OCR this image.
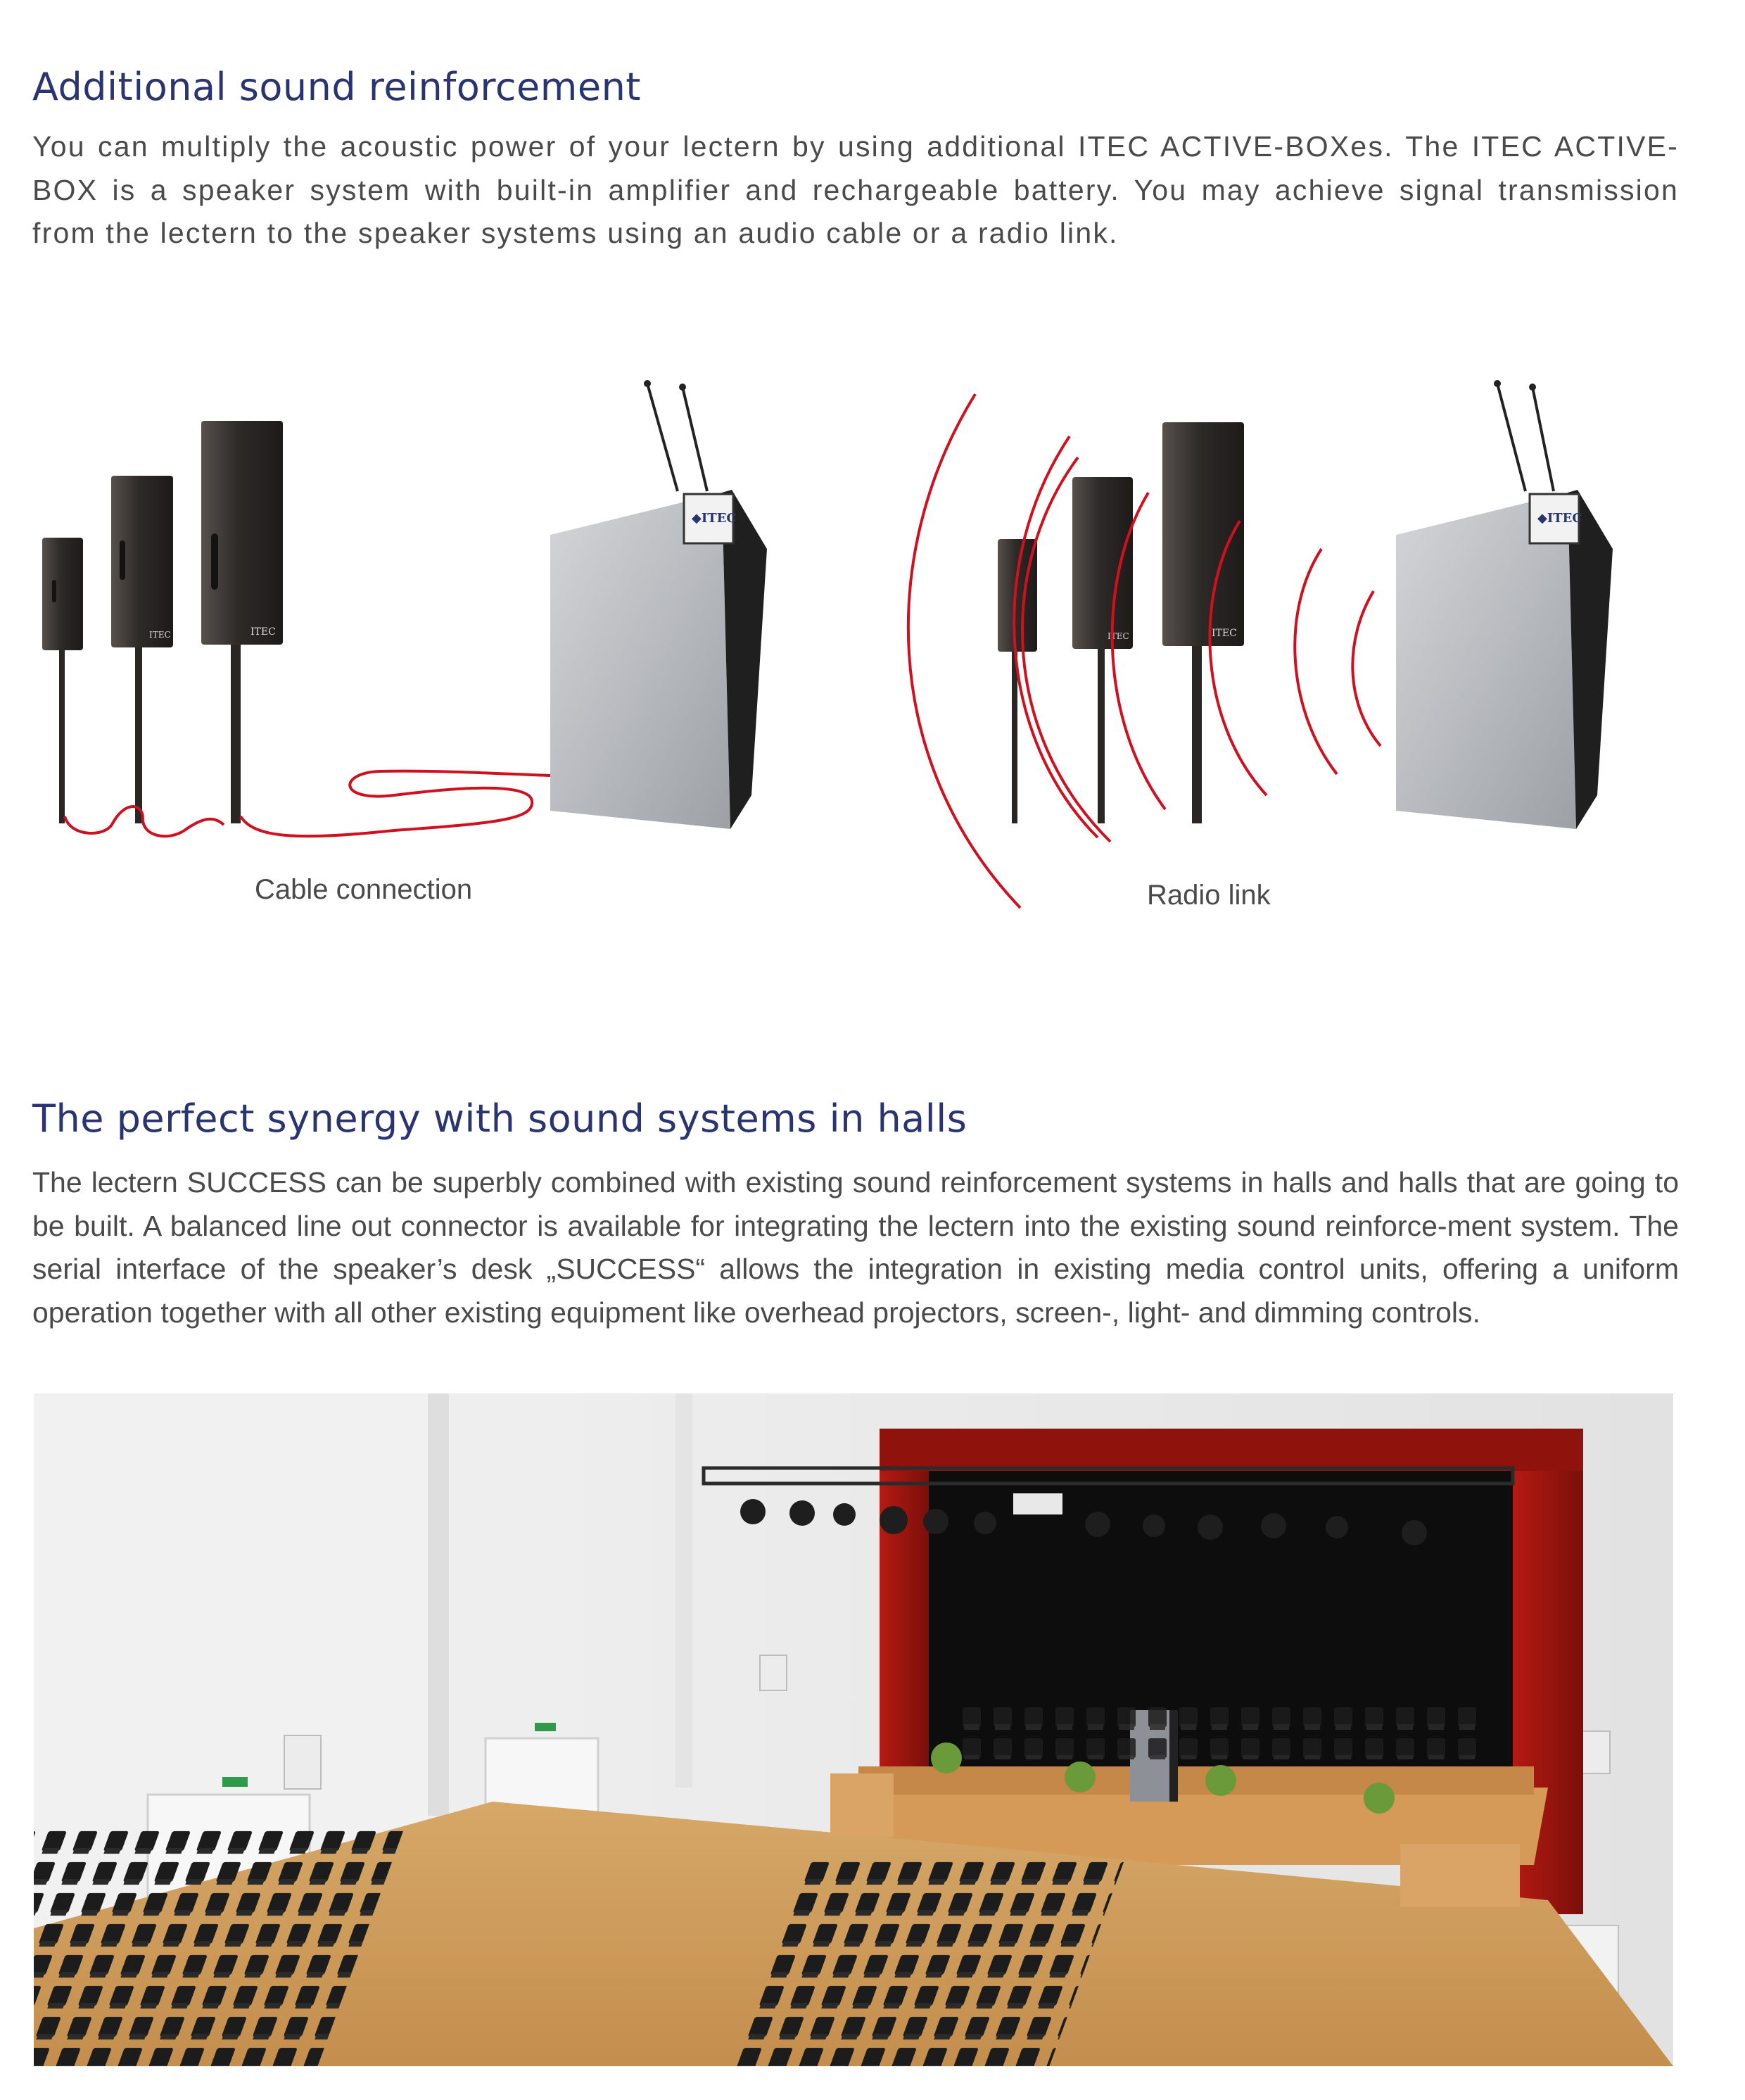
Additional sound reinforcement

You can multiply the acoustic power of your lectern by using additional ITEC ACTIVE-BOXes. The ITEC ACTIVE-BOX is a speaker system with built-in amplifier and rechargeable battery. You may achieve signal transmission from the lectern to the speaker systems using an audio cable or a radio link.

ITEC	ITEC
◆ITEC
ITEC	ITEC
◆ITEC
Cable connection	Radio link
The perfect synergy with sound systems in halls

The lectern SUCCESS can be superbly combined with existing sound reinforcement systems in halls and halls that are going to be built. A balanced line out connector is available for integrating the lectern into the existing sound reinforce-ment system. The serial interface of the speaker’s desk „SUCCESS“ allows the integration in existing media control units, offering a uniform operation together with all other existing equipment like overhead projectors, screen-, light- and dimming controls.
